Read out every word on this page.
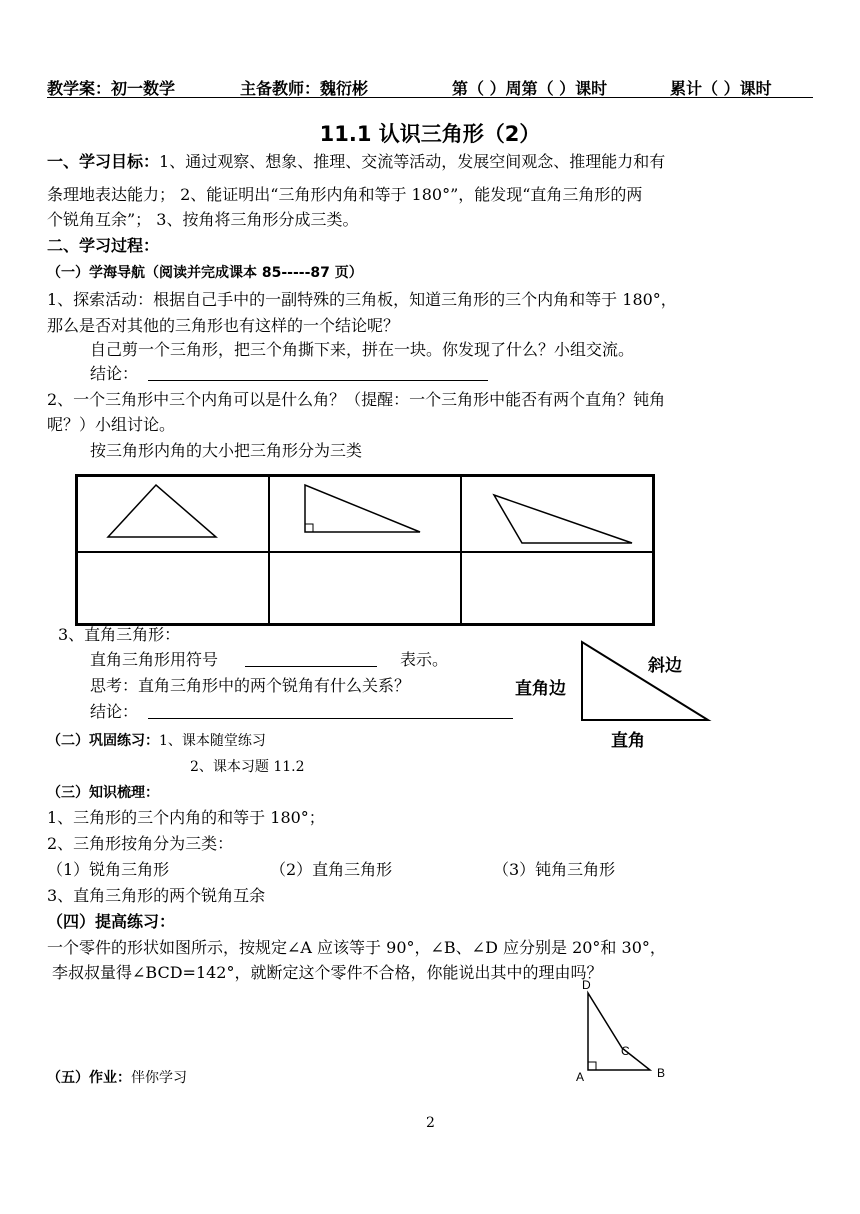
教学案：初一数学	主备教师：魏衍彬	第（ ）周第（ ）课时	累计（ ）课时
11.1 认识三角形（2）
一、学习目标：1、通过观察、想象、推理、交流等活动，发展空间观念、推理能力和有
条理地表达能力； 2、能证明出“三角形内角和等于 180°”，能发现“直角三角形的两
个锐角互余”； 3、按角将三角形分成三类。
二、学习过程：
（一）学海导航（阅读并完成课本 85-----87 页）
1、探索活动：根据自己手中的一副特殊的三角板，知道三角形的三个内角和等于 180°，
那么是否对其他的三角形也有这样的一个结论呢？
自己剪一个三角形，把三个角撕下来，拼在一块。你发现了什么？小组交流。
结论：
2、一个三角形中三个内角可以是什么角？（提醒：一个三角形中能否有两个直角？钝角
呢？）小组讨论。
按三角形内角的大小把三角形分为三类

3、直角三角形：
直角三角形用符号	表示。
思考：直角三角形中的两个锐角有什么关系？
结论：
斜边
直角边
直角
（二）巩固练习：1、课本随堂练习
2、课本习题 11.2
（三）知识梳理：
1、三角形的三个内角的和等于 180°；
2、三角形按角分为三类：
（1）锐角三角形	（2）直角三角形	（3）钝角三角形
3、直角三角形的两个锐角互余
（四）提高练习：
一个零件的形状如图所示，按规定∠A 应该等于 90°，∠B、∠D 应分别是 20°和 30°，
李叔叔量得∠BCD=142°，就断定这个零件不合格，你能说出其中的理由吗？
D
C
A	B
（五）作业：伴你学习
2
